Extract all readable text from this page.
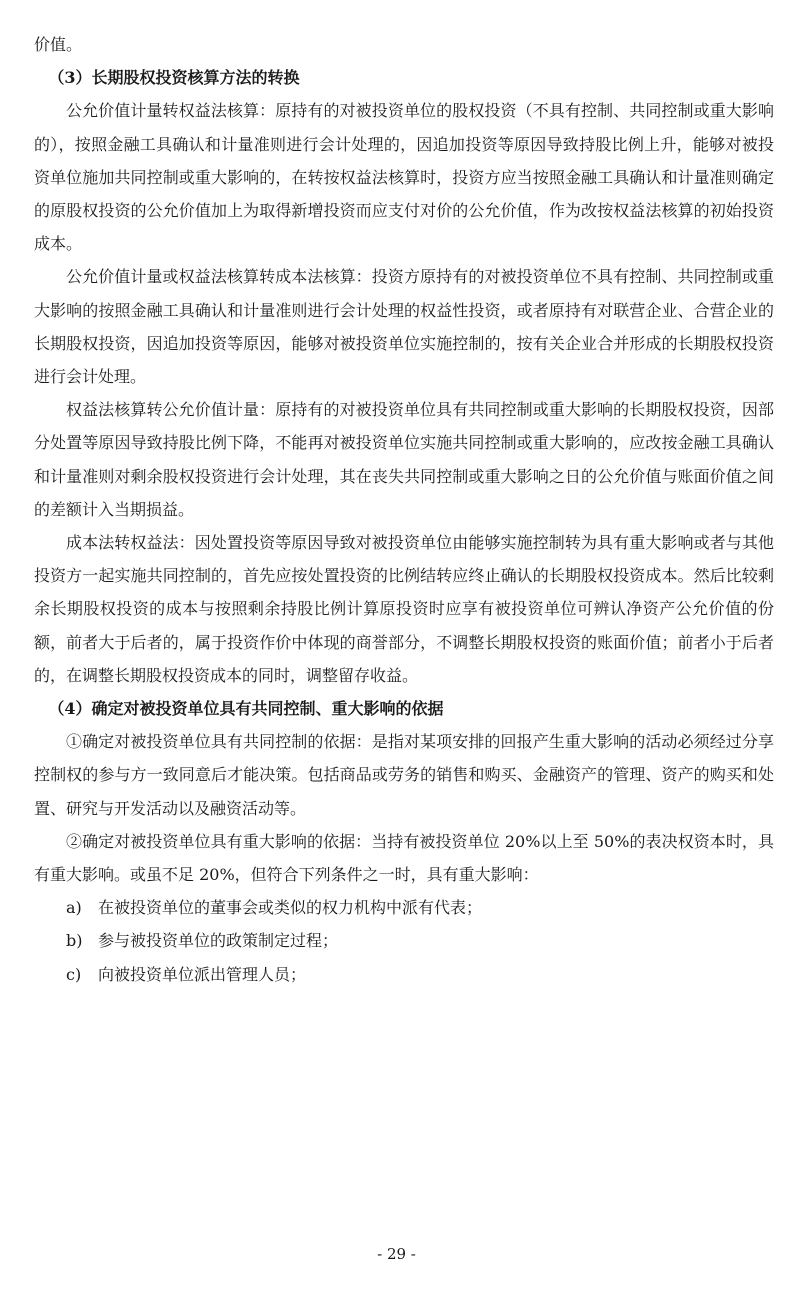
价值。

（3）长期股权投资核算方法的转换

公允价值计量转权益法核算：原持有的对被投资单位的股权投资（不具有控制、共同控制或重大影响的），按照金融工具确认和计量准则进行会计处理的，因追加投资等原因导致持股比例上升，能够对被投资单位施加共同控制或重大影响的，在转按权益法核算时，投资方应当按照金融工具确认和计量准则确定的原股权投资的公允价值加上为取得新增投资而应支付对价的公允价值，作为改按权益法核算的初始投资成本。

公允价值计量或权益法核算转成本法核算：投资方原持有的对被投资单位不具有控制、共同控制或重大影响的按照金融工具确认和计量准则进行会计处理的权益性投资，或者原持有对联营企业、合营企业的长期股权投资，因追加投资等原因，能够对被投资单位实施控制的，按有关企业合并形成的长期股权投资进行会计处理。

权益法核算转公允价值计量：原持有的对被投资单位具有共同控制或重大影响的长期股权投资，因部分处置等原因导致持股比例下降，不能再对被投资单位实施共同控制或重大影响的，应改按金融工具确认和计量准则对剩余股权投资进行会计处理，其在丧失共同控制或重大影响之日的公允价值与账面价值之间的差额计入当期损益。

成本法转权益法：因处置投资等原因导致对被投资单位由能够实施控制转为具有重大影响或者与其他投资方一起实施共同控制的，首先应按处置投资的比例结转应终止确认的长期股权投资成本。然后比较剩余长期股权投资的成本与按照剩余持股比例计算原投资时应享有被投资单位可辨认净资产公允价值的份额，前者大于后者的，属于投资作价中体现的商誉部分，不调整长期股权投资的账面价值；前者小于后者的，在调整长期股权投资成本的同时，调整留存收益。

（4）确定对被投资单位具有共同控制、重大影响的依据

①确定对被投资单位具有共同控制的依据：是指对某项安排的回报产生重大影响的活动必须经过分享控制权的参与方一致同意后才能决策。包括商品或劳务的销售和购买、金融资产的管理、资产的购买和处置、研究与开发活动以及融资活动等。

②确定对被投资单位具有重大影响的依据：当持有被投资单位 20%以上至 50%的表决权资本时，具有重大影响。或虽不足 20%，但符合下列条件之一时，具有重大影响：

a) 在被投资单位的董事会或类似的权力机构中派有代表；

b) 参与被投资单位的政策制定过程；

c) 向被投资单位派出管理人员；

- 29 -
